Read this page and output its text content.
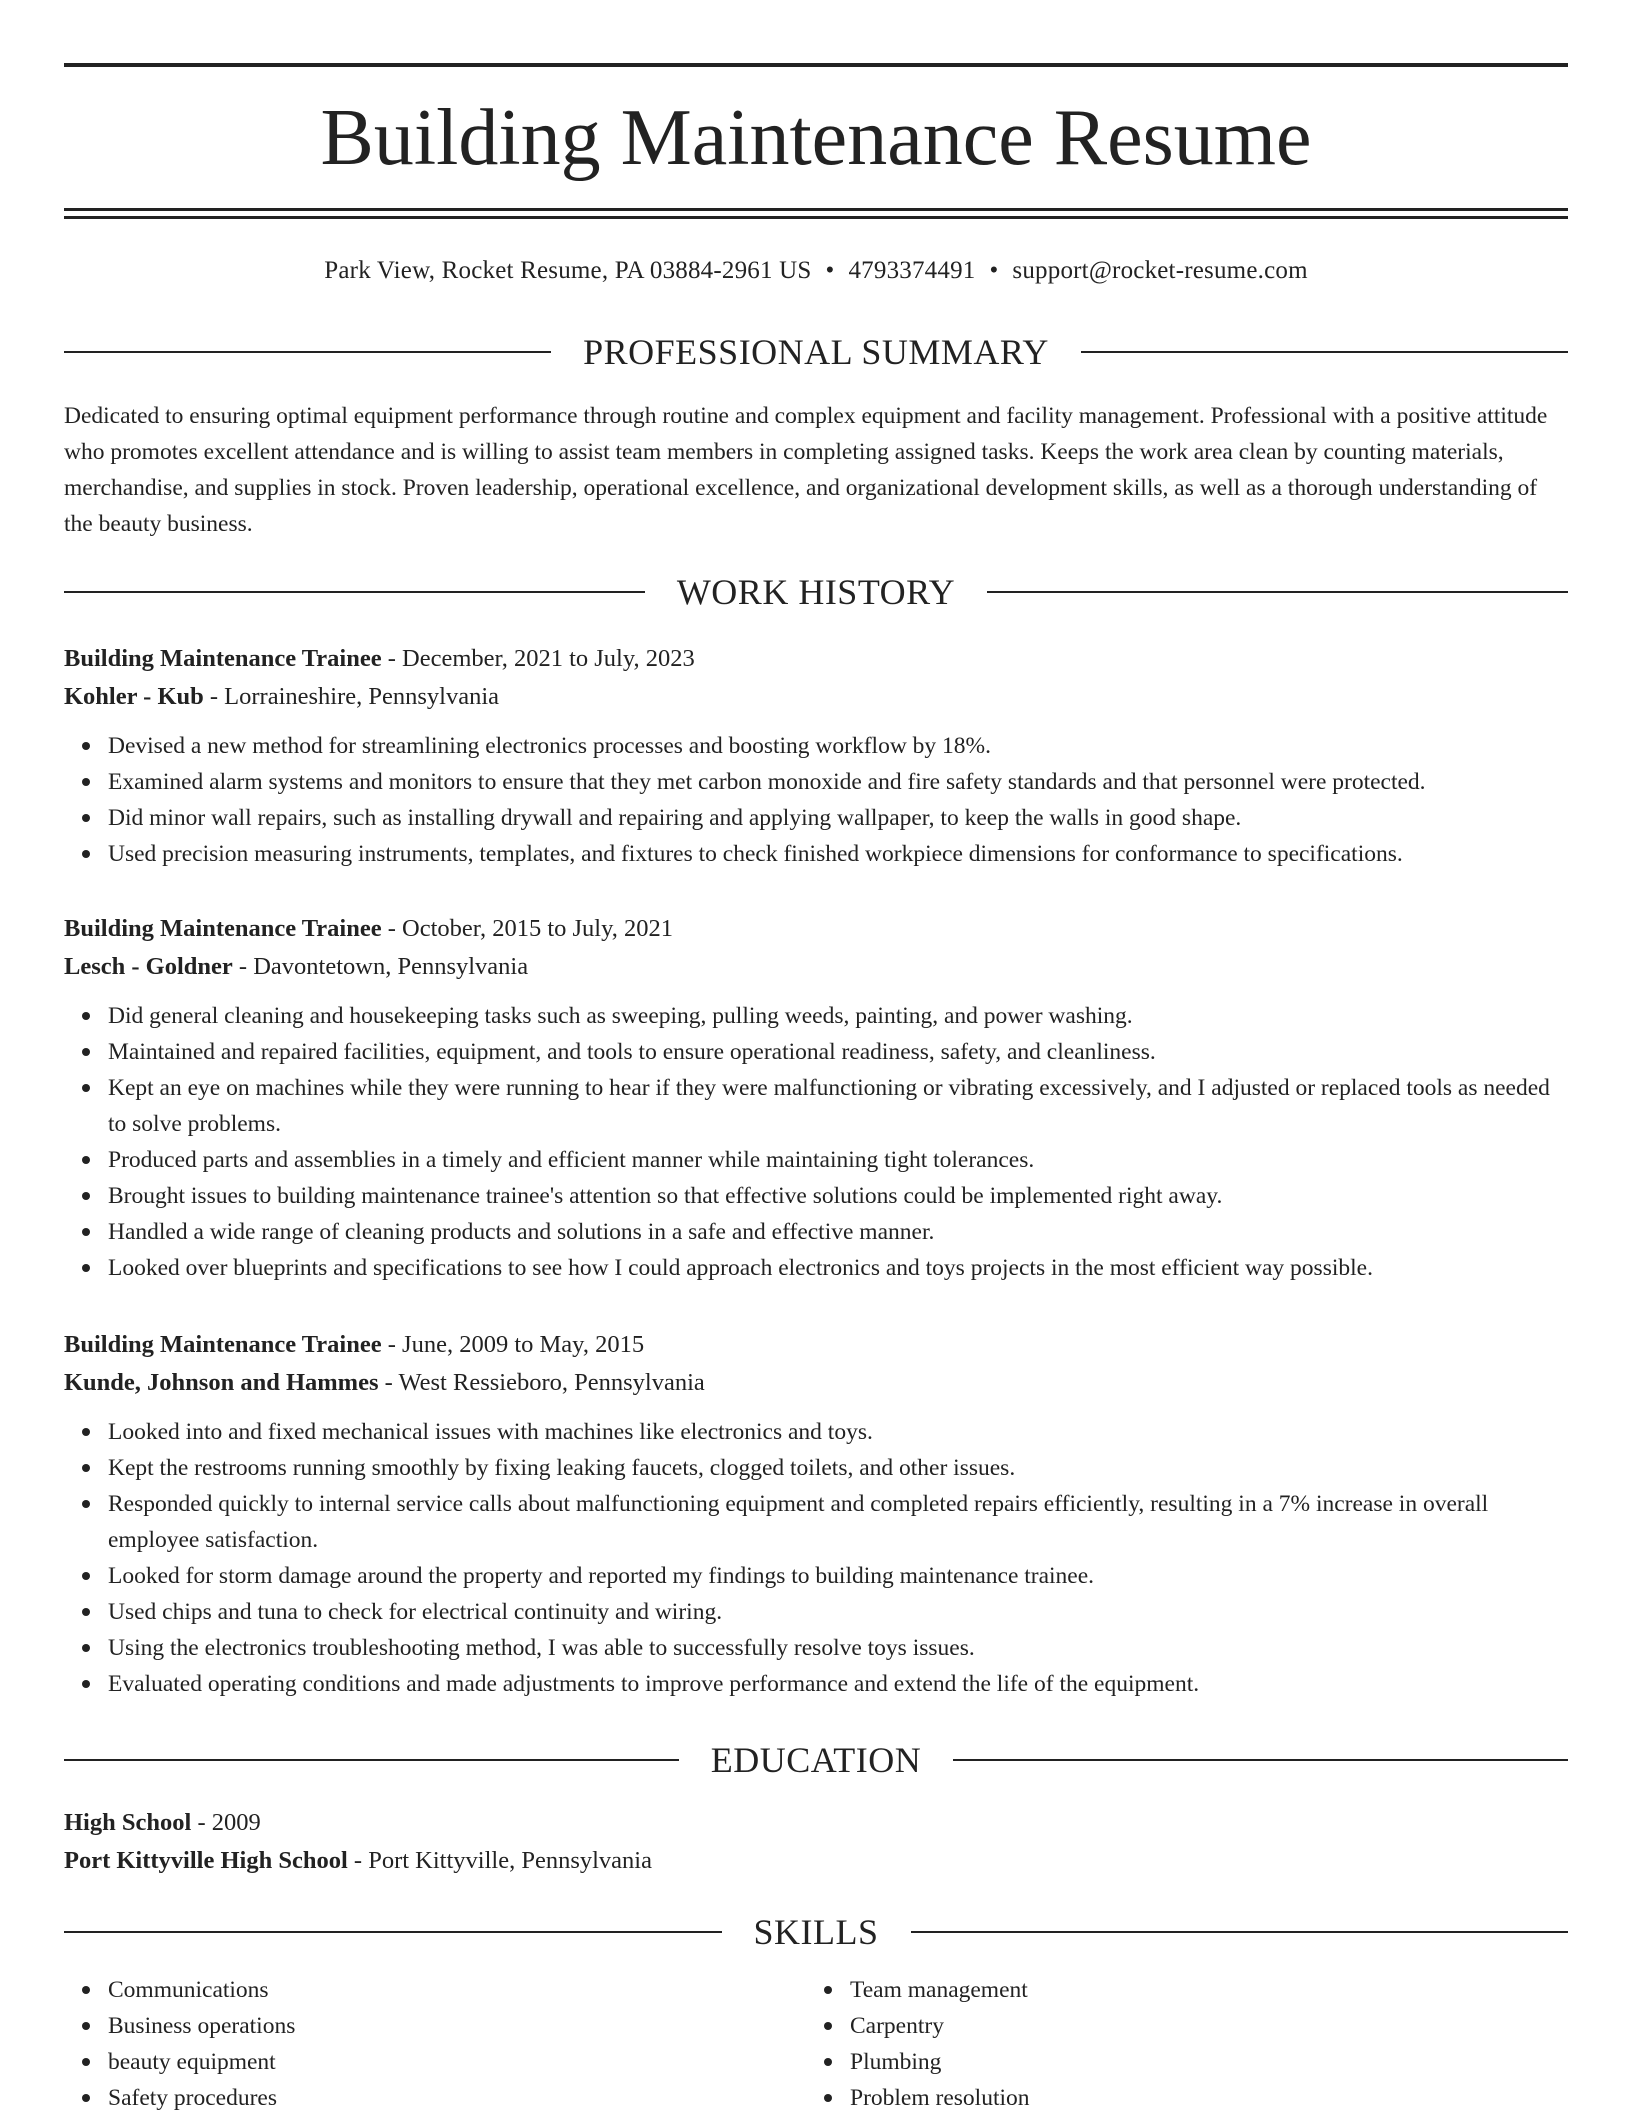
Building Maintenance Resume
Park View, Rocket Resume, PA 03884-2961 US • 4793374491 • support@rocket-resume.com
PROFESSIONAL SUMMARY

Dedicated to ensuring optimal equipment performance through routine and complex equipment and facility management. Professional with a positive attitude who promotes excellent attendance and is willing to assist team members in completing assigned tasks. Keeps the work area clean by counting materials, merchandise, and supplies in stock. Proven leadership, operational excellence, and organizational development skills, as well as a thorough understanding of the beauty business.

WORK HISTORY
Building Maintenance Trainee - December, 2021 to July, 2023
Kohler - Kub - Lorraineshire, Pennsylvania
Devised a new method for streamlining electronics processes and boosting workflow by 18%.
Examined alarm systems and monitors to ensure that they met carbon monoxide and fire safety standards and that personnel were protected.
Did minor wall repairs, such as installing drywall and repairing and applying wallpaper, to keep the walls in good shape.
Used precision measuring instruments, templates, and fixtures to check finished workpiece dimensions for conformance to specifications.
Building Maintenance Trainee - October, 2015 to July, 2021
Lesch - Goldner - Davontetown, Pennsylvania
Did general cleaning and housekeeping tasks such as sweeping, pulling weeds, painting, and power washing.
Maintained and repaired facilities, equipment, and tools to ensure operational readiness, safety, and cleanliness.
Kept an eye on machines while they were running to hear if they were malfunctioning or vibrating excessively, and I adjusted or replaced tools as needed to solve problems.
Produced parts and assemblies in a timely and efficient manner while maintaining tight tolerances.
Brought issues to building maintenance trainee's attention so that effective solutions could be implemented right away.
Handled a wide range of cleaning products and solutions in a safe and effective manner.
Looked over blueprints and specifications to see how I could approach electronics and toys projects in the most efficient way possible.
Building Maintenance Trainee - June, 2009 to May, 2015
Kunde, Johnson and Hammes - West Ressieboro, Pennsylvania
Looked into and fixed mechanical issues with machines like electronics and toys.
Kept the restrooms running smoothly by fixing leaking faucets, clogged toilets, and other issues.
Responded quickly to internal service calls about malfunctioning equipment and completed repairs efficiently, resulting in a 7% increase in overall employee satisfaction.
Looked for storm damage around the property and reported my findings to building maintenance trainee.
Used chips and tuna to check for electrical continuity and wiring.
Using the electronics troubleshooting method, I was able to successfully resolve toys issues.
Evaluated operating conditions and made adjustments to improve performance and extend the life of the equipment.
EDUCATION
High School - 2009
Port Kittyville High School - Port Kittyville, Pennsylvania
SKILLS
Communications
Business operations
beauty equipment
Safety procedures
Team management
Carpentry
Plumbing
Problem resolution
